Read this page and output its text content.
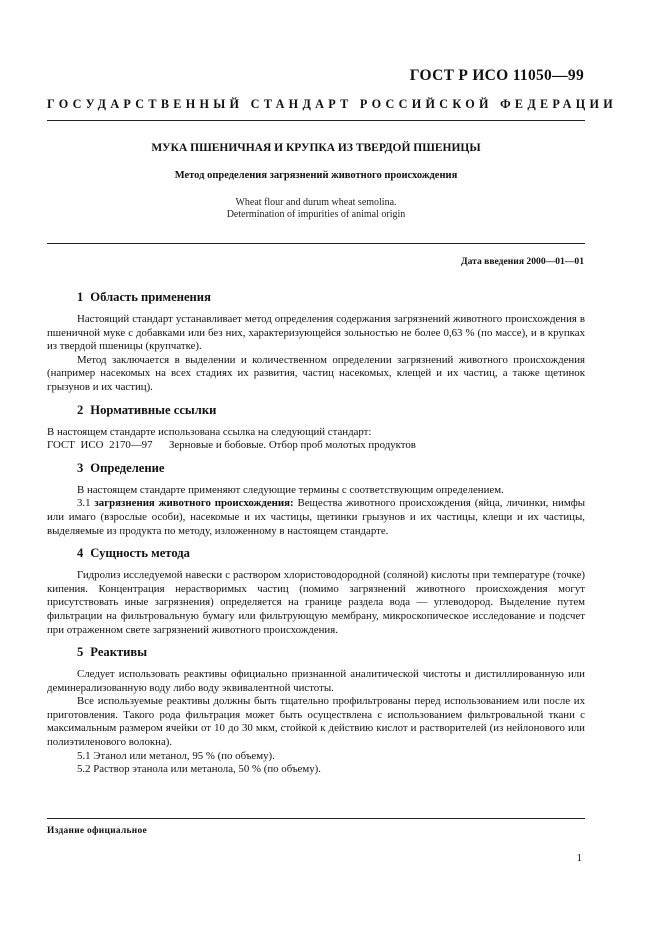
ГОСТ Р ИСО 11050—99
ГОСУДАРСТВЕННЫЙ СТАНДАРТ РОССИЙСКОЙ ФЕДЕРАЦИИ
МУКА ПШЕНИЧНАЯ И КРУПКА ИЗ ТВЕРДОЙ ПШЕНИЦЫ
Метод определения загрязнений животного происхождения
Wheat flour and durum wheat semolina.
Determination of impurities of animal origin
Дата введения 2000—01—01
1 Область применения

Настоящий стандарт устанавливает метод определения содержания загрязнений животного происхождения в пшеничной муке с добавками или без них, характеризующейся зольностью не более 0,63 % (по массе), и в крупках из твердой пшеницы (крупчатке).

Метод заключается в выделении и количественном определении загрязнений животного происхождения (например насекомых на всех стадиях их развития, частиц насекомых, клещей и их частиц, а также щетинок грызунов и их частиц).

2 Нормативные ссылки

В настоящем стандарте использована ссылка на следующий стандарт:

ГОСТ ИСО 2170—97 Зерновые и бобовые. Отбор проб молотых продуктов

3 Определение

В настоящем стандарте применяют следующие термины с соответствующим определением.

3.1 загрязнения животного происхождения: Вещества животного происхождения (яйца, личинки, нимфы или имаго (взрослые особи), насекомые и их частицы, щетинки грызунов и их частицы, клещи и их частицы, выделяемые из продукта по методу, изложенному в настоящем стандарте.

4 Сущность метода

Гидролиз исследуемой навески с раствором хлористоводородной (соляной) кислоты при температуре (точке) кипения. Концентрация нерастворимых частиц (помимо загрязнений животного происхождения могут присутствовать иные загрязнения) определяется на границе раздела вода — углеводород. Выделение путем фильтрации на фильтровальную бумагу или фильтрующую мембрану, микроскопическое исследование и подсчет при отраженном свете загрязнений животного происхождения.

5 Реактивы

Следует использовать реактивы официально признанной аналитической чистоты и дистиллированную или деминерализованную воду либо воду эквивалентной чистоты.

Все используемые реактивы должны быть тщательно профильтрованы перед использованием или после их приготовления. Такого рода фильтрация может быть осуществлена с использованием фильтровальной ткани с максимальным размером ячейки от 10 до 30 мкм, стойкой к действию кислот и растворителей (из нейлонового или полиэтиленового волокна).

5.1 Этанол или метанол, 95 % (по объему).

5.2 Раствор этанола или метанола, 50 % (по объему).

Издание официальное
1
